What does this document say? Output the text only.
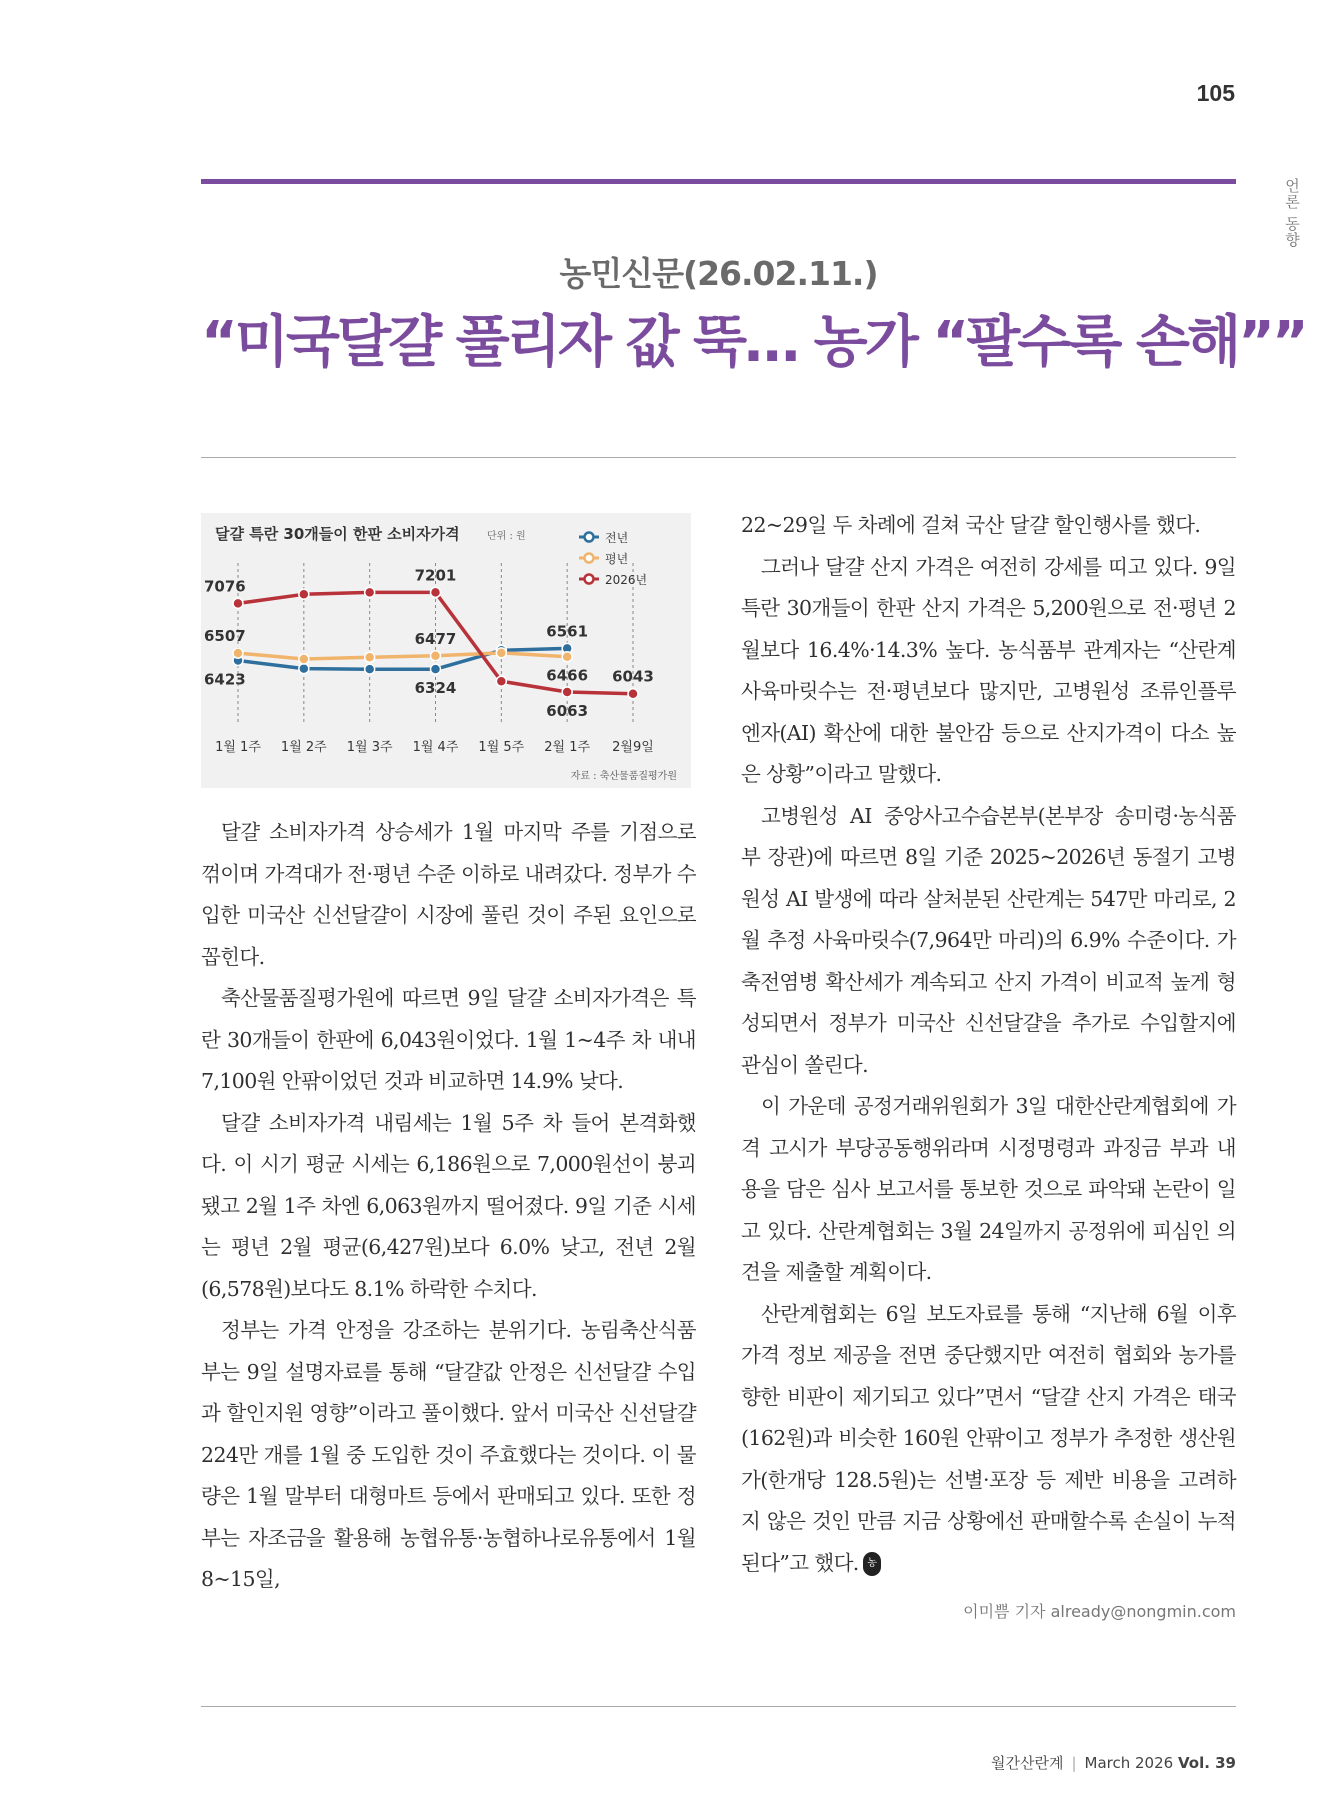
105
언론 동향
농민신문(26.02.11.)
“미국달걀 풀리자 값 뚝… 농가 “팔수록 손해””
달걀 특란 30개들이 한판 소비자가격	단위 : 원
7076
7201
6507
6423
6477
6324
6561
6466
6063
6043
1월 1주 1월 2주 1월 3주 1월 4주 1월 5주 2월 1주 2월9일
전년
평년
2026년
자료 : 축산물품질평가원

달걀 소비자가격 상승세가 1월 마지막 주를 기점으로 꺾이며 가격대가 전·평년 수준 이하로 내려갔다. 정부가 수입한 미국산 신선달걀이 시장에 풀린 것이 주된 요인으로 꼽힌다.

축산물품질평가원에 따르면 9일 달걀 소비자가격은 특란 30개들이 한판에 6,043원이었다. 1월 1~4주 차 내내 7,100원 안팎이었던 것과 비교하면 14.9% 낮다.

달걀 소비자가격 내림세는 1월 5주 차 들어 본격화했다. 이 시기 평균 시세는 6,186원으로 7,000원선이 붕괴됐고 2월 1주 차엔 6,063원까지 떨어졌다. 9일 기준 시세는 평년 2월 평균(6,427원)보다 6.0% 낮고, 전년 2월(6,578원)보다도 8.1% 하락한 수치다.

정부는 가격 안정을 강조하는 분위기다. 농림축산식품부는 9일 설명자료를 통해 “달걀값 안정은 신선달걀 수입과 할인지원 영향”이라고 풀이했다. 앞서 미국산 신선달걀 224만 개를 1월 중 도입한 것이 주효했다는 것이다. 이 물량은 1월 말부터 대형마트 등에서 판매되고 있다. 또한 정부는 자조금을 활용해 농협유통·농협하나로유통에서 1월 8~15일,

22~29일 두 차례에 걸쳐 국산 달걀 할인행사를 했다.

그러나 달걀 산지 가격은 여전히 강세를 띠고 있다. 9일 특란 30개들이 한판 산지 가격은 5,200원으로 전·평년 2월보다 16.4%·14.3% 높다. 농식품부 관계자는 “산란계 사육마릿수는 전·평년보다 많지만, 고병원성 조류인플루엔자(AI) 확산에 대한 불안감 등으로 산지가격이 다소 높은 상황”이라고 말했다.

고병원성 AI 중앙사고수습본부(본부장 송미령·농식품부 장관)에 따르면 8일 기준 2025~2026년 동절기 고병원성 AI 발생에 따라 살처분된 산란계는 547만 마리로, 2월 추정 사육마릿수(7,964만 마리)의 6.9% 수준이다. 가축전염병 확산세가 계속되고 산지 가격이 비교적 높게 형성되면서 정부가 미국산 신선달걀을 추가로 수입할지에 관심이 쏠린다.

이 가운데 공정거래위원회가 3일 대한산란계협회에 가격 고시가 부당공동행위라며 시정명령과 과징금 부과 내용을 담은 심사 보고서를 통보한 것으로 파악돼 논란이 일고 있다. 산란계협회는 3월 24일까지 공정위에 피심인 의견을 제출할 계획이다.

산란계협회는 6일 보도자료를 통해 “지난해 6월 이후 가격 정보 제공을 전면 중단했지만 여전히 협회와 농가를 향한 비판이 제기되고 있다”면서 “달걀 산지 가격은 태국(162원)과 비슷한 160원 안팎이고 정부가 추정한 생산원가(한개당 128.5원)는 선별·포장 등 제반 비용을 고려하지 않은 것인 만큼 지금 상황에선 판매할수록 손실이 누적된다”고 했다. 농민

이미쁨 기자 already@nongmin.com
월간산란계 | March 2026 Vol. 39
